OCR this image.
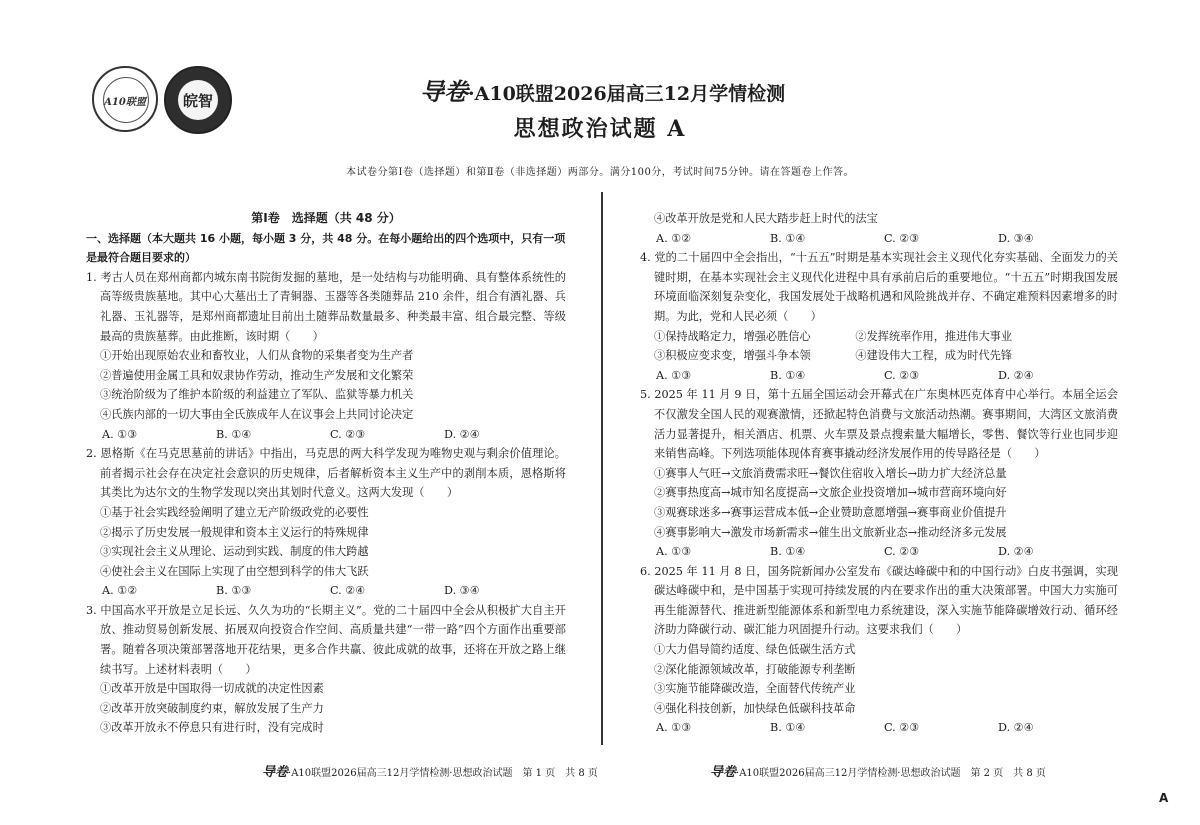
A10联盟	皖智	导卷·A10联盟2026届高三12月学情检测
思想政治试题 A
本试卷分第Ⅰ卷（选择题）和第Ⅱ卷（非选择题）两部分。满分100分，考试时间75分钟。请在答题卷上作答。
第Ⅰ卷　选择题（共 48 分）
一、选择题（本大题共 16 小题，每小题 3 分，共 48 分。在每小题给出的四个选项中，只有一项是最符合题目要求的）
1. 考古人员在郑州商都内城东南书院街发掘的墓地，是一处结构与功能明确、具有整体系统性的高等级贵族墓地。其中心大墓出土了青铜器、玉器等各类随葬品 210 余件，组合有酒礼器、兵礼器、玉礼器等，是郑州商都遗址目前出土随葬品数量最多、种类最丰富、组合最完整、等级最高的贵族墓葬。由此推断，该时期（　　）
①开始出现原始农业和畜牧业，人们从食物的采集者变为生产者
②普遍使用金属工具和奴隶协作劳动，推动生产发展和文化繁荣
③统治阶级为了维护本阶级的利益建立了军队、监狱等暴力机关
④氏族内部的一切大事由全氏族成年人在议事会上共同讨论决定
A. ①③	B. ①④	C. ②③	D. ②④
2. 恩格斯《在马克思墓前的讲话》中指出，马克思的两大科学发现为唯物史观与剩余价值理论。前者揭示社会存在决定社会意识的历史规律，后者解析资本主义生产中的剥削本质，恩格斯将其类比为达尔文的生物学发现以突出其划时代意义。这两大发现（　　）
①基于社会实践经验阐明了建立无产阶级政党的必要性
②揭示了历史发展一般规律和资本主义运行的特殊规律
③实现社会主义从理论、运动到实践、制度的伟大跨越
④使社会主义在国际上实现了由空想到科学的伟大飞跃
A. ①②	B. ①③	C. ②④	D. ③④
3. 中国高水平开放是立足长远、久久为功的“长期主义”。党的二十届四中全会从积极扩大自主开放、推动贸易创新发展、拓展双向投资合作空间、高质量共建“一带一路”四个方面作出重要部署。随着各项决策部署落地开花结果，更多合作共赢、彼此成就的故事，还将在开放之路上继续书写。上述材料表明（　　）
①改革开放是中国取得一切成就的决定性因素
②改革开放突破制度约束，解放发展了生产力
③改革开放永不停息只有进行时，没有完成时
④改革开放是党和人民大踏步赶上时代的法宝
A. ①②	B. ①④	C. ②③	D. ③④
4. 党的二十届四中全会指出，“十五五”时期是基本实现社会主义现代化夯实基础、全面发力的关键时期，在基本实现社会主义现代化进程中具有承前启后的重要地位。“十五五”时期我国发展环境面临深刻复杂变化，我国发展处于战略机遇和风险挑战并存、不确定难预料因素增多的时期。为此，党和人民必须（　　）
①保持战略定力，增强必胜信心　　　　②发挥统率作用，推进伟大事业
③积极应变求变，增强斗争本领　　　　④建设伟大工程，成为时代先锋
A. ①③	B. ①④	C. ②③	D. ②④
5. 2025 年 11 月 9 日，第十五届全国运动会开幕式在广东奥林匹克体育中心举行。本届全运会不仅激发全国人民的观赛激情，还掀起特色消费与文旅活动热潮。赛事期间，大湾区文旅消费活力显著提升，相关酒店、机票、火车票及景点搜索量大幅增长，零售、餐饮等行业也同步迎来销售高峰。下列选项能体现体育赛事撬动经济发展作用的传导路径是（　　）
①赛事人气旺→文旅消费需求旺→餐饮住宿收入增长→助力扩大经济总量
②赛事热度高→城市知名度提高→文旅企业投资增加→城市营商环境向好
③观赛球迷多→赛事运营成本低→企业赞助意愿增强→赛事商业价值提升
④赛事影响大→激发市场新需求→催生出文旅新业态→推动经济多元发展
A. ①③	B. ①④	C. ②③	D. ②④
6. 2025 年 11 月 8 日，国务院新闻办公室发布《碳达峰碳中和的中国行动》白皮书强调，实现碳达峰碳中和，是中国基于实现可持续发展的内在要求作出的重大决策部署。中国大力实施可再生能源替代、推进新型能源体系和新型电力系统建设，深入实施节能降碳增效行动、循环经济助力降碳行动、碳汇能力巩固提升行动。这要求我们（　　）
①大力倡导简约适度、绿色低碳生活方式
②深化能源领域改革，打破能源专利垄断
③实施节能降碳改造，全面替代传统产业
④强化科技创新，加快绿色低碳科技革命
A. ①③	B. ①④	C. ②③	D. ②④
导卷·A10联盟2026届高三12月学情检测·思想政治试题　第 1 页　共 8 页	导卷·A10联盟2026届高三12月学情检测·思想政治试题　第 2 页　共 8 页
A
